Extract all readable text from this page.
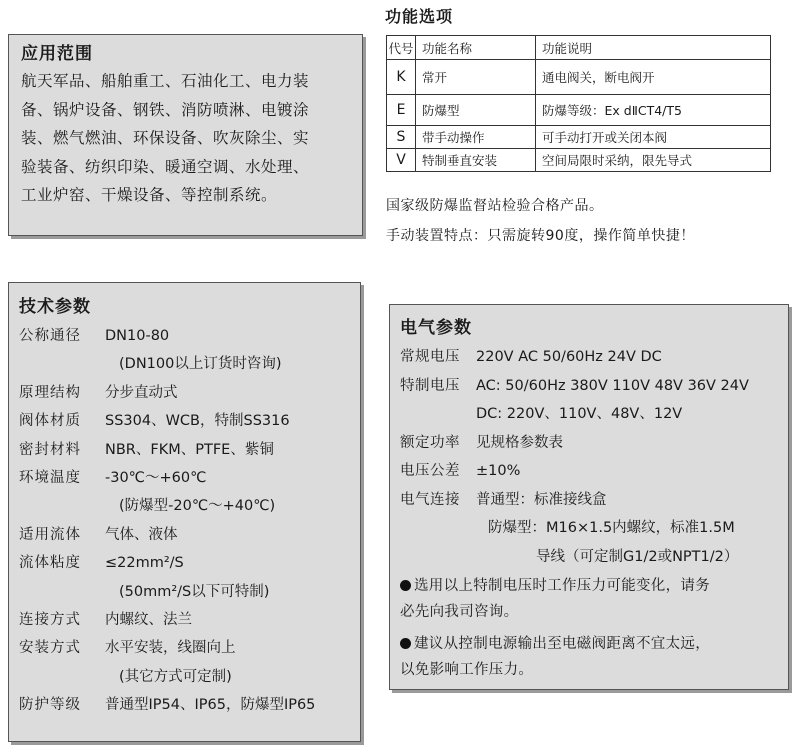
应用范围
航天军品、船舶重工、石油化工、电力装
备、锅炉设备、钢铁、消防喷淋、电镀涂
装、燃气燃油、环保设备、吹灰除尘、实
验装备、纺织印染、暖通空调、水处理、
工业炉窑、干燥设备、等控制系统。
功能选项
代号	功能名称	功能说明
K	常开	通电阀关，断电阀开
E	防爆型	防爆等级：Ex dⅡCT4/T5
S	带手动操作	可手动打开或关闭本阀
V	特制垂直安装	空间局限时采纳，限先导式
国家级防爆监督站检验合格产品。
手动装置特点：只需旋转90度，操作简单快捷！
技术参数
公称通径	DN10-80
(DN100以上订货时咨询)
原理结构	分步直动式
阀体材质	SS304、WCB，特制SS316
密封材料	NBR、FKM、PTFE、紫铜
环境温度	-30℃～+60℃
(防爆型-20℃～+40℃)
适用流体	气体、液体
流体粘度	≤22mm²/S
(50mm²/S以下可特制)
连接方式	内螺纹、法兰
安装方式	水平安装，线圈向上
(其它方式可定制)
防护等级	普通型IP54、IP65，防爆型IP65
电气参数
常规电压	220V AC 50/60Hz 24V DC
特制电压	AC: 50/60Hz 380V 110V 48V 36V 24V
DC: 220V、110V、48V、12V
额定功率	见规格参数表
电压公差	±10%
电气连接	普通型：标准接线盒
防爆型：M16×1.5内螺纹，标准1.5M
导线（可定制G1/2或NPT1/2）
选用以上特制电压时工作压力可能变化，请务
必先向我司咨询。
建议从控制电源输出至电磁阀距离不宜太远，
以免影响工作压力。
